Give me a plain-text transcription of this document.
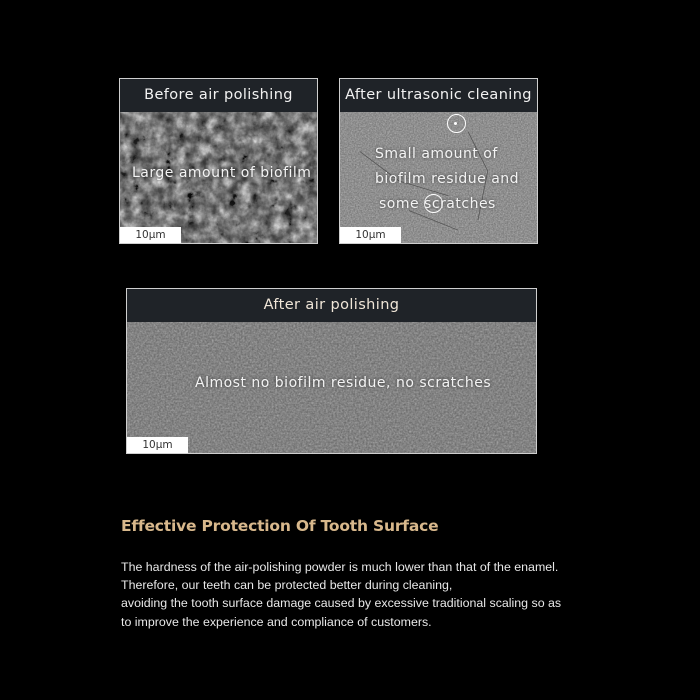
Before air polishing
Large amount of biofilm
10μm
After ultrasonic cleaning
Small amount of
biofilm residue and
some scratches
10μm
After air polishing
Almost no biofilm residue, no scratches
10μm
Effective Protection Of Tooth Surface
The hardness of the air-polishing powder is much lower than that of the enamel.
Therefore, our teeth can be protected better during cleaning,
avoiding the tooth surface damage caused by excessive traditional scaling so as
to improve the experience and compliance of customers.
